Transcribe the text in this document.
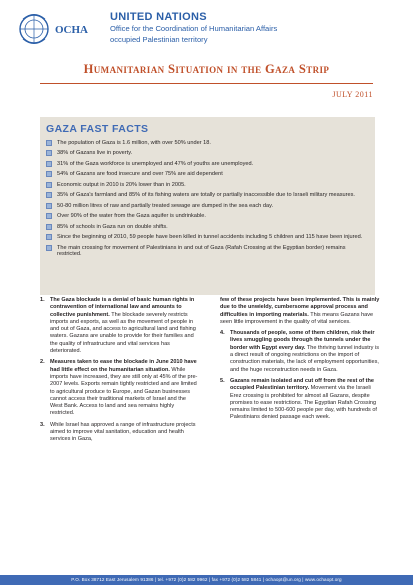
OCHA
UNITED NATIONS
Office for the Coordination of Humanitarian Affairs
occupied Palestinian territory
Humanitarian Situation in the Gaza Strip
JULY 2011
GAZA FAST FACTS
The population of Gaza is 1.6 million, with over 50% under 18.
38% of Gazans live in poverty.
31% of the Gaza workforce is unemployed and 47% of youths are unemployed.
54% of Gazans are food insecure and over 75% are aid dependent
Economic output in 2010 is 20% lower than in 2005.
35% of Gaza's farmland and 85% of its fishing waters are totally or partially inaccessible due to Israeli military measures.
50-80 million litres of raw and partially treated sewage are dumped in the sea each day.
Over 90% of the water from the Gaza aquifer is undrinkable.
85% of schools in Gaza run on double shifts.
Since the beginning of 2010, 59 people have been killed in tunnel accidents including 5 children and 115 have been injured.
The main crossing for movement of Palestinians in and out of Gaza (Rafah Crossing at the Egyptian border) remains restricted.
1. The Gaza blockade is a denial of basic human rights in contravention of international law and amounts to collective punishment. The blockade severely restricts imports and exports, as well as the movement of people in and out of Gaza, and access to agricultural land and fishing waters. Gazans are unable to provide for their families and the quality of infrastructure and vital services has deteriorated.
2. Measures taken to ease the blockade in June 2010 have had little effect on the humanitarian situation. While imports have increased, they are still only at 45% of the pre-2007 levels. Exports remain tightly restricted and are limited to agricultural produce to Europe, and Gazan businesses cannot access their traditional markets of Israel and the West Bank. Access to land and sea remains highly restricted.
3. While Israel has approved a range of infrastructure projects aimed to improve vital sanitation, education and health services in Gaza,
few of these projects have been implemented. This is mainly due to the unwieldy, cumbersome approval process and difficulties in importing materials. This means Gazans have seen little improvement in the quality of vital services.
4. Thousands of people, some of them children, risk their lives smuggling goods through the tunnels under the border with Egypt every day. The thriving tunnel industry is a direct result of ongoing restrictions on the import of construction materials, the lack of employment opportunities, and the huge reconstruction needs in Gaza.
5. Gazans remain isolated and cut off from the rest of the occupied Palestinian territory. Movement via the Israeli Erez crossing is prohibited for almost all Gazans, despite promises to ease restrictions. The Egyptian Rafah Crossing remains limited to 500-600 people per day, with hundreds of Palestinians denied passage each week.
P.O. Box 38712 East Jerusalem 91386 | tel. +972 (0)2 582 9962 | fax +972 (0)2 582 5841 | ochaopt@un.org | www.ochaopt.org
